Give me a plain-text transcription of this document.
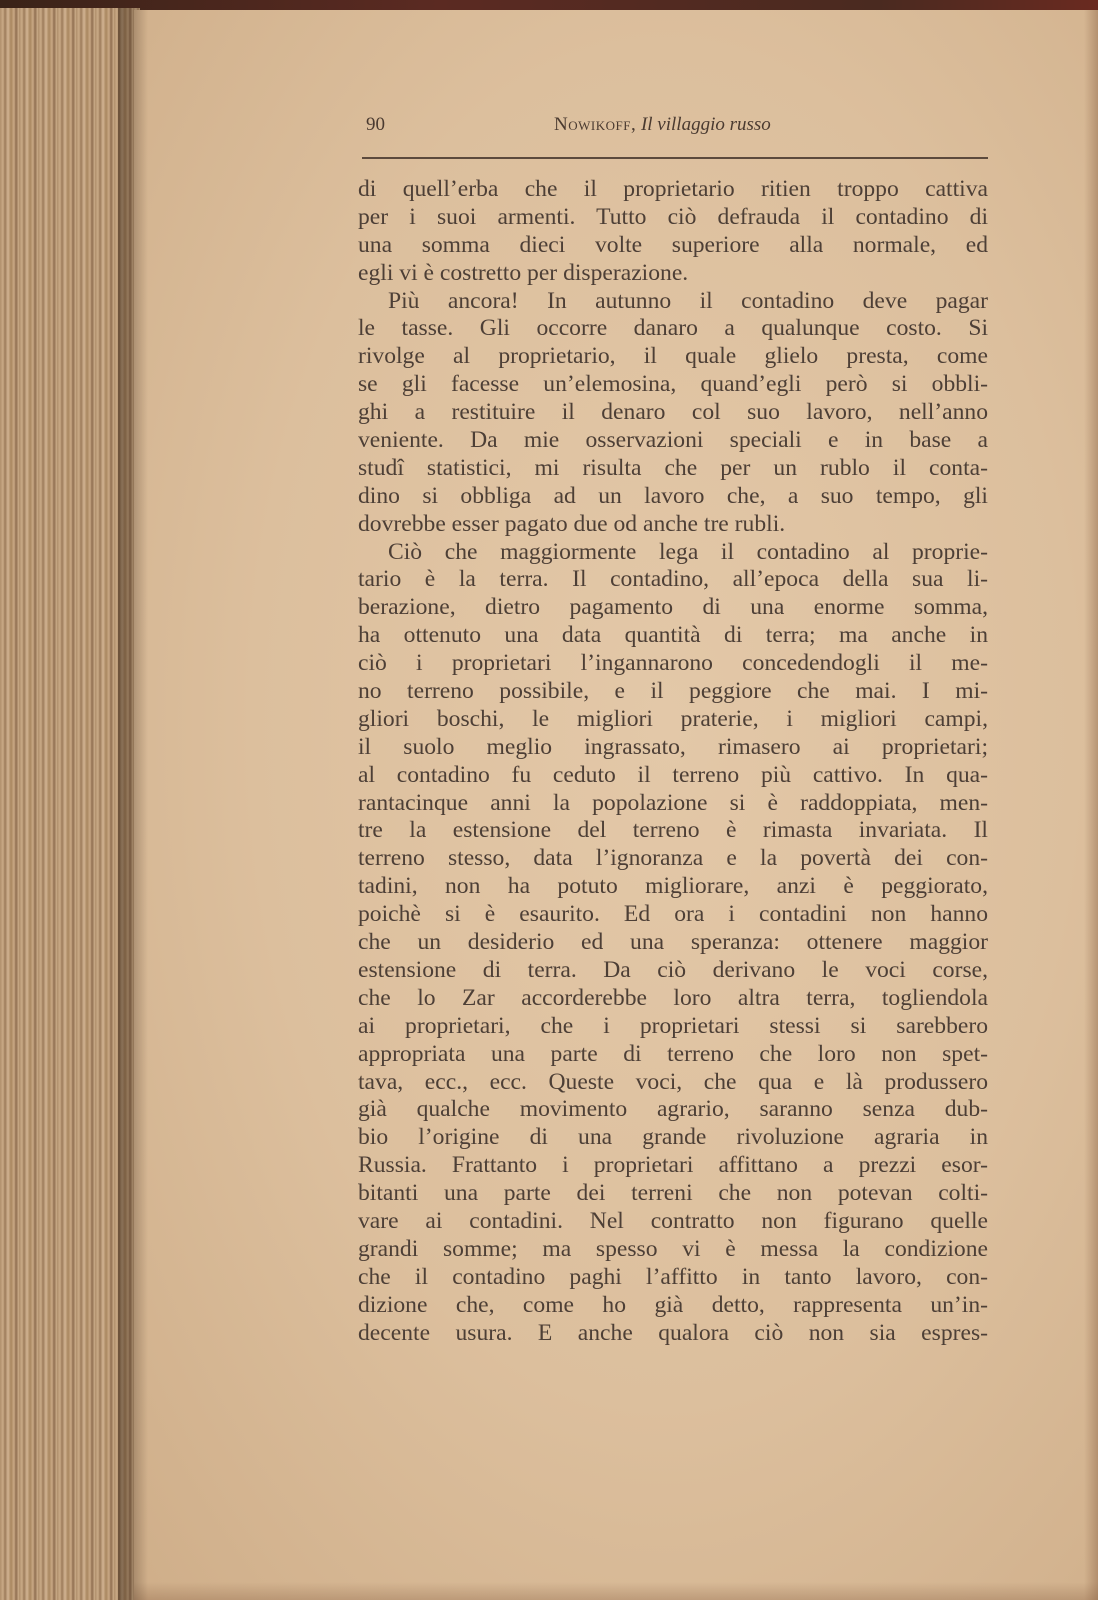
90	Nowikoff, Il villaggio russo
di quell’erba che il proprietario ritien troppo cattiva
per i suoi armenti. Tutto ciò defrauda il contadino di
una somma dieci volte superiore alla normale, ed
egli vi è costretto per disperazione.
Più ancora! In autunno il contadino deve pagar
le tasse. Gli occorre danaro a qualunque costo. Si
rivolge al proprietario, il quale glielo presta, come
se gli facesse un’elemosina, quand’egli però si obbli-
ghi a restituire il denaro col suo lavoro, nell’anno
veniente. Da mie osservazioni speciali e in base a
studî statistici, mi risulta che per un rublo il conta-
dino si obbliga ad un lavoro che, a suo tempo, gli
dovrebbe esser pagato due od anche tre rubli.
Ciò che maggiormente lega il contadino al proprie-
tario è la terra. Il contadino, all’epoca della sua li-
berazione, dietro pagamento di una enorme somma,
ha ottenuto una data quantità di terra; ma anche in
ciò i proprietari l’ingannarono concedendogli il me-
no terreno possibile, e il peggiore che mai. I mi-
gliori boschi, le migliori praterie, i migliori campi,
il suolo meglio ingrassato, rimasero ai proprietari;
al contadino fu ceduto il terreno più cattivo. In qua-
rantacinque anni la popolazione si è raddoppiata, men-
tre la estensione del terreno è rimasta invariata. Il
terreno stesso, data l’ignoranza e la povertà dei con-
tadini, non ha potuto migliorare, anzi è peggiorato,
poichè si è esaurito. Ed ora i contadini non hanno
che un desiderio ed una speranza: ottenere maggior
estensione di terra. Da ciò derivano le voci corse,
che lo Zar accorderebbe loro altra terra, togliendola
ai proprietari, che i proprietari stessi si sarebbero
appropriata una parte di terreno che loro non spet-
tava, ecc., ecc. Queste voci, che qua e là produssero
già qualche movimento agrario, saranno senza dub-
bio l’origine di una grande rivoluzione agraria in
Russia. Frattanto i proprietari affittano a prezzi esor-
bitanti una parte dei terreni che non potevan colti-
vare ai contadini. Nel contratto non figurano quelle
grandi somme; ma spesso vi è messa la condizione
che il contadino paghi l’affitto in tanto lavoro, con-
dizione che, come ho già detto, rappresenta un’in-
decente usura. E anche qualora ciò non sia espres-
